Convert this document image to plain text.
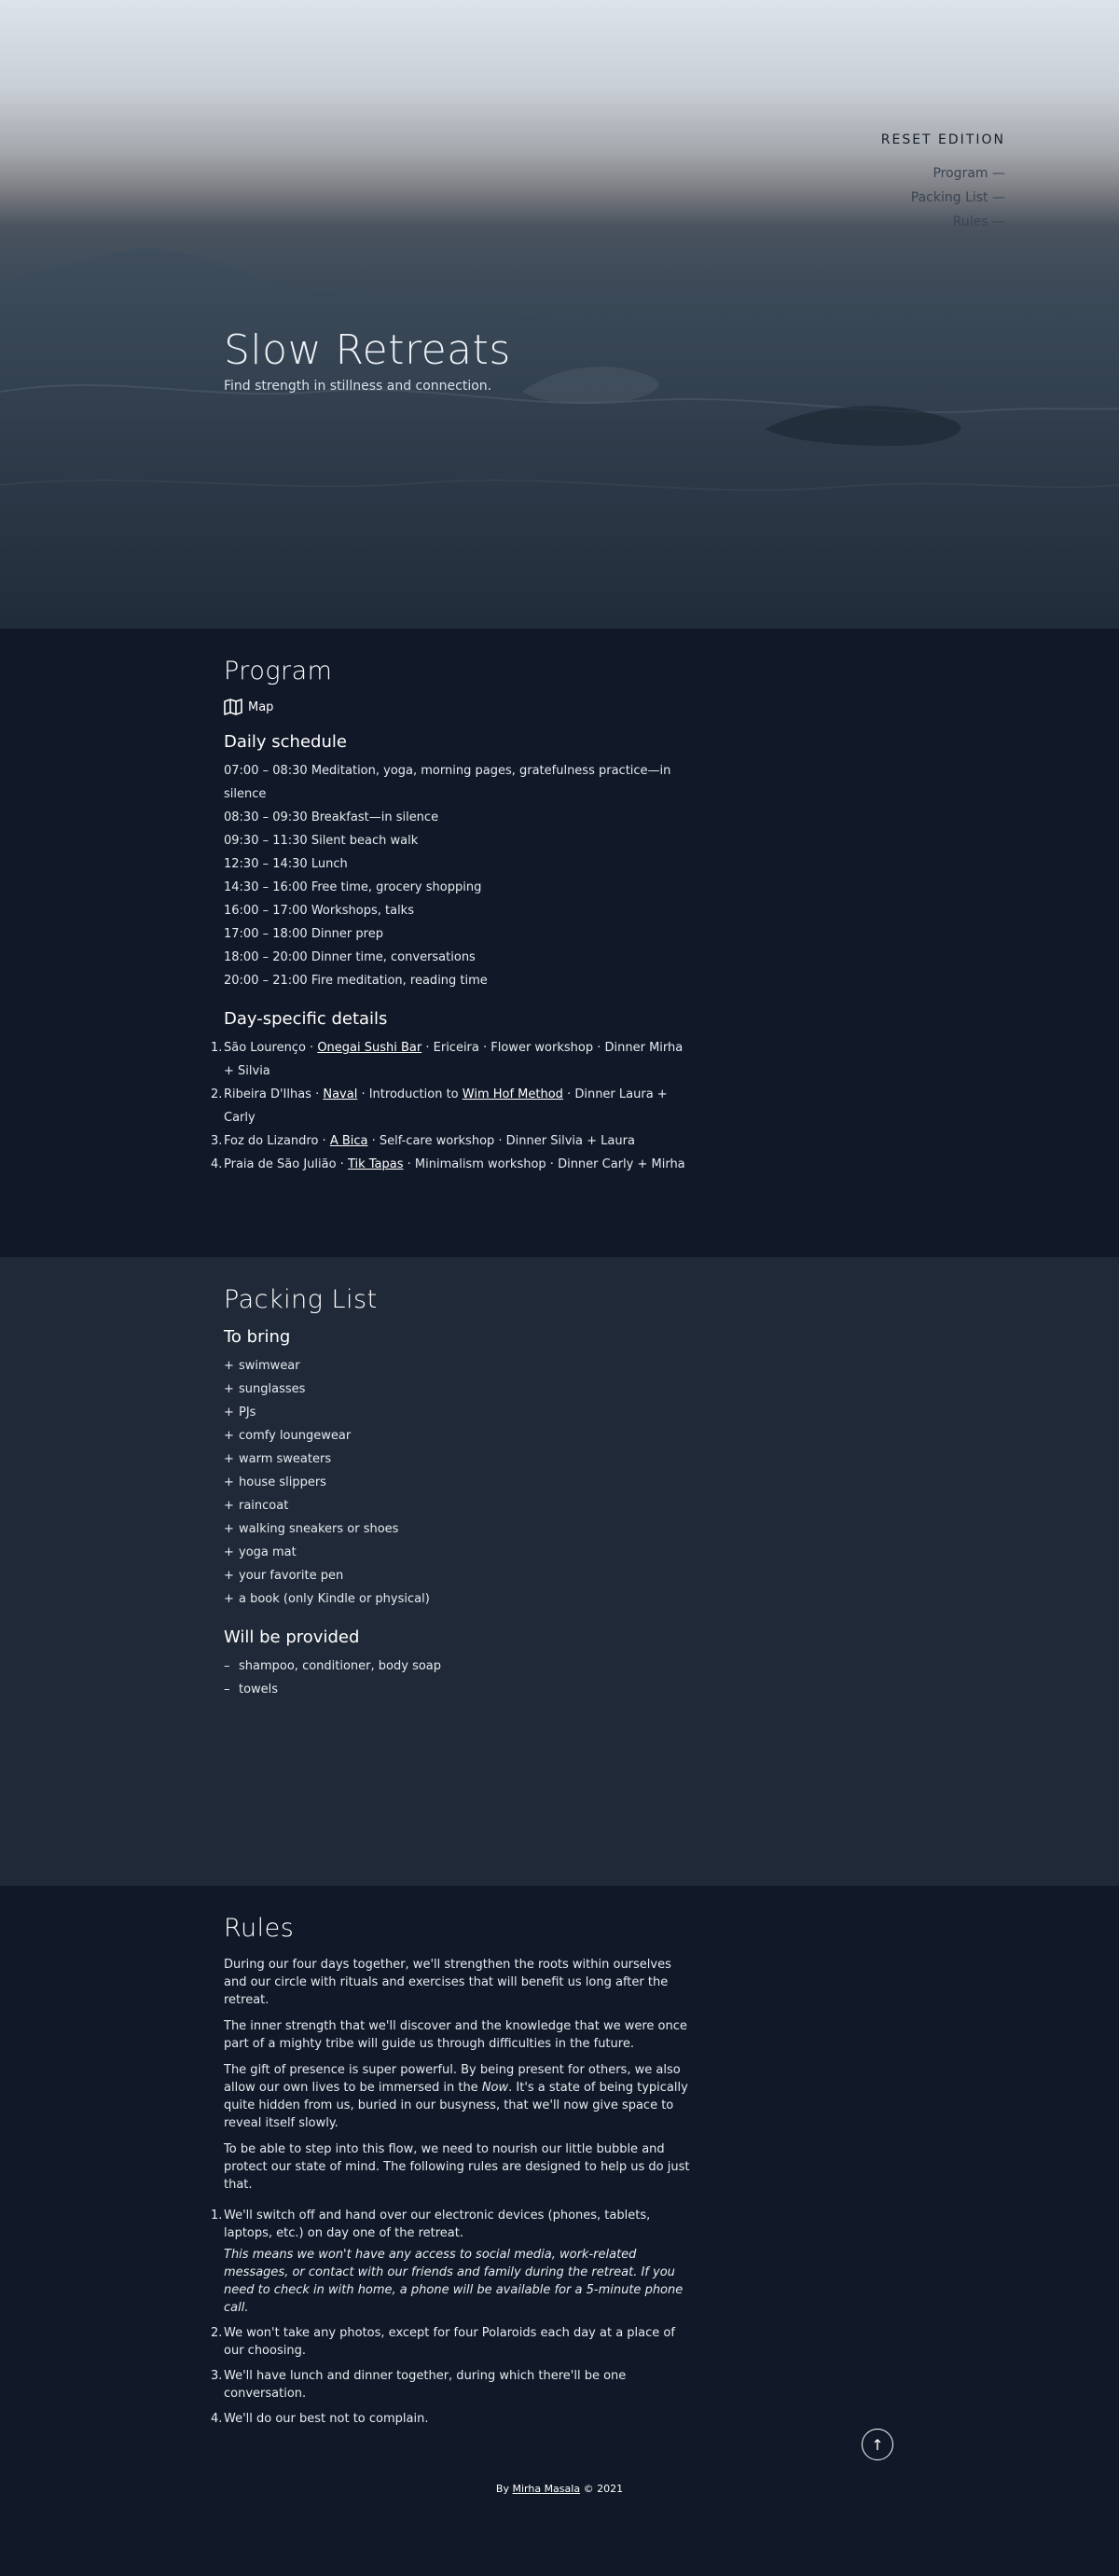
RESET EDITION
Program —
Packing List —
Rules —
Slow Retreats

Find strength in stillness and connection.

Program
Map
Daily schedule
07:00 – 08:30 Meditation, yoga, morning pages, gratefulness practice—in silence
08:30 – 09:30 Breakfast—in silence
09:30 – 11:30 Silent beach walk
12:30 – 14:30 Lunch
14:30 – 16:00 Free time, grocery shopping
16:00 – 17:00 Workshops, talks
17:00 – 18:00 Dinner prep
18:00 – 20:00 Dinner time, conversations
20:00 – 21:00 Fire meditation, reading time
Day-specific details
São Lourenço · Onegai Sushi Bar · Ericeira · Flower workshop · Dinner Mirha + Silvia
Ribeira D'Ilhas · Naval · Introduction to Wim Hof Method · Dinner Laura + Carly
Foz do Lizandro · A Bica · Self-care workshop · Dinner Silvia + Laura
Praia de São Julião · Tik Tapas · Minimalism workshop · Dinner Carly + Mirha
Packing List
To bring
+ swimwear
+ sunglasses
+ PJs
+ comfy loungewear
+ warm sweaters
+ house slippers
+ raincoat
+ walking sneakers or shoes
+ yoga mat
+ your favorite pen
+ a book (only Kindle or physical)
Will be provided
– shampoo, conditioner, body soap
– towels
Rules

During our four days together, we'll strengthen the roots within ourselves and our circle with rituals and exercises that will benefit us long after the retreat.

The inner strength that we'll discover and the knowledge that we were once part of a mighty tribe will guide us through difficulties in the future.

The gift of presence is super powerful. By being present for others, we also allow our own lives to be immersed in the Now. It's a state of being typically quite hidden from us, buried in our busyness, that we'll now give space to reveal itself slowly.

To be able to step into this flow, we need to nourish our little bubble and protect our state of mind. The following rules are designed to help us do just that.

We'll switch off and hand over our electronic devices (phones, tablets, laptops, etc.) on day one of the retreat.
This means we won't have any access to social media, work-related messages, or contact with our friends and family during the retreat. If you need to check in with home, a phone will be available for a 5-minute phone call.
We won't take any photos, except for four Polaroids each day at a place of our choosing.
We'll have lunch and dinner together, during which there'll be one conversation.
We'll do our best not to complain.
↑
By Mirha Masala © 2021
